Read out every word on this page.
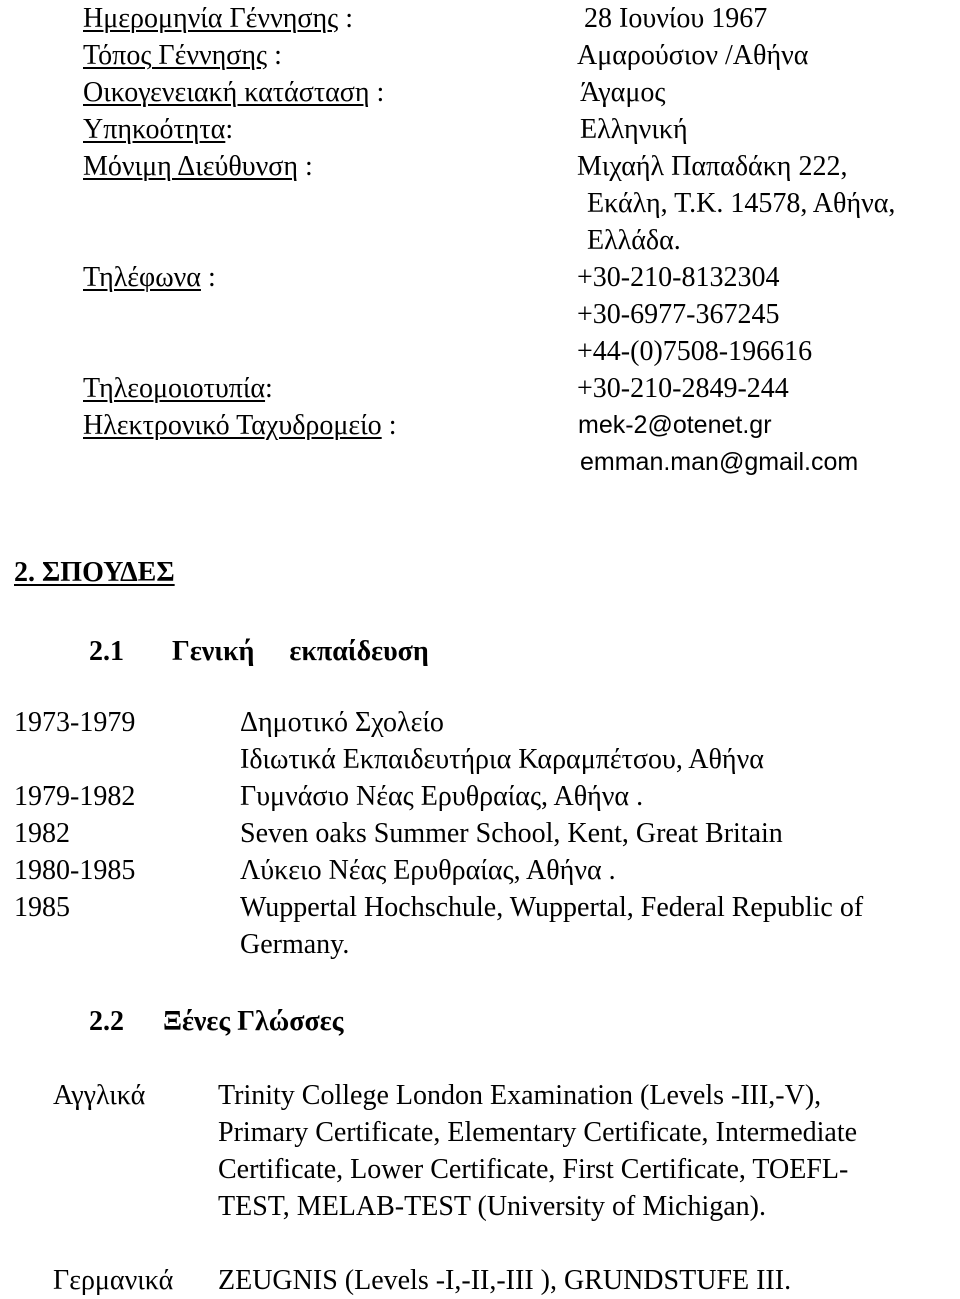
Ημερομηνία Γέννησης :	28 Ιουνίου 1967
Τόπος Γέννησης :	Αμαρούσιον /Αθήνα
Οικογενειακή κατάσταση :	Άγαμος
Υπηκοότητα:	Ελληνική
Μόνιμη Διεύθυνση :	Μιχαήλ Παπαδάκη 222,
Εκάλη, Τ.Κ. 14578, Αθήνα,
Ελλάδα.
Τηλέφωνα :	+30-210-8132304
+30-6977-367245
+44-(0)7508-196616
Τηλεομοιοτυπία:	+30-210-2849-244
Ηλεκτρονικό Ταχυδρομείο :	mek-2@otenet.gr
emman.man@gmail.com
2. ΣΠΟΥΔΕΣ
2.1 Γενική εκπαίδευση
1973-1979	Δημοτικό Σχολείο
Ιδιωτικά Εκπαιδευτήρια Καραμπέτσου, Αθήνα
1979-1982	Γυμνάσιο Νέας Ερυθραίας, Αθήνα .
1982	Seven oaks Summer School, Kent, Great Britain
1980-1985	Λύκειο Νέας Ερυθραίας, Αθήνα .
1985	Wuppertal Hochschule, Wuppertal, Federal Republic of
Germany.
2.2 Ξένες Γλώσσες
Αγγλικά	Trinity College London Examination (Levels -III,-V),
Primary Certificate, Elementary Certificate, Intermediate
Certificate, Lower Certificate, First Certificate, TOEFL-
TEST, MELAB-TEST (University of Michigan).
Γερμανικά ZEUGNIS (Levels -I,-II,-III ), GRUNDSTUFE III.
